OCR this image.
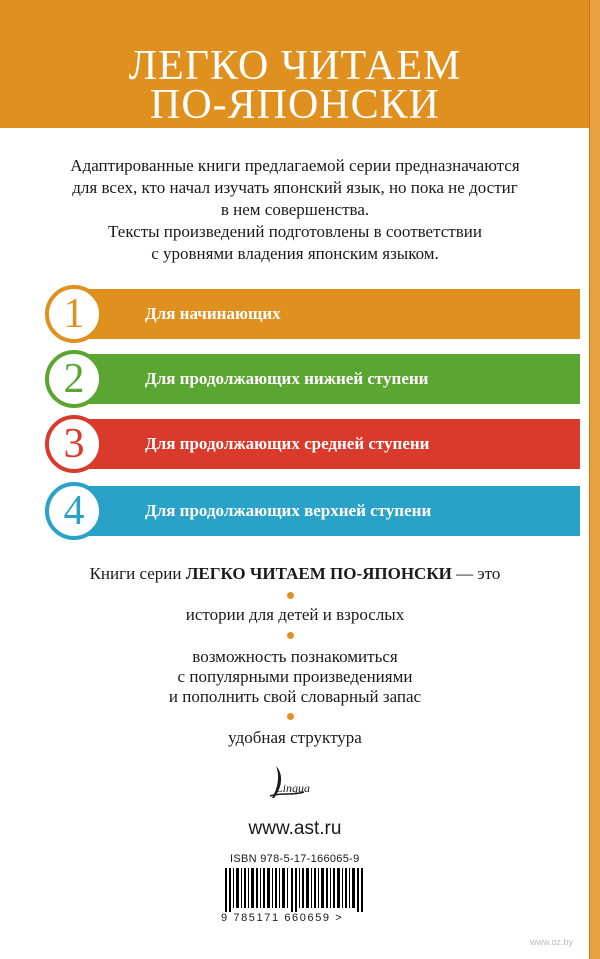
ЛЕГКО ЧИТАЕМ
ПО-ЯПОНСКИ
Адаптированные книги предлагаемой серии предназначаются
для всех, кто начал изучать японский язык, но пока не достиг
в нем совершенства.
Тексты произведений подготовлены в соответствии
с уровнями владения японским языком.
Для начинающих
1
Для продолжающих нижней ступени
2
Для продолжающих средней ступени
3
Для продолжающих верхней ступени
4
Книги серии ЛЕГКО ЧИТАЕМ ПО-ЯПОНСКИ — это
истории для детей и взрослых
возможность познакомиться
с популярными произведениями
и пополнить свой словарный запас
удобная структура
Lingua
www.ast.ru
ISBN 978-5-17-166065-9
9 785171 660659 >
www.oz.by
